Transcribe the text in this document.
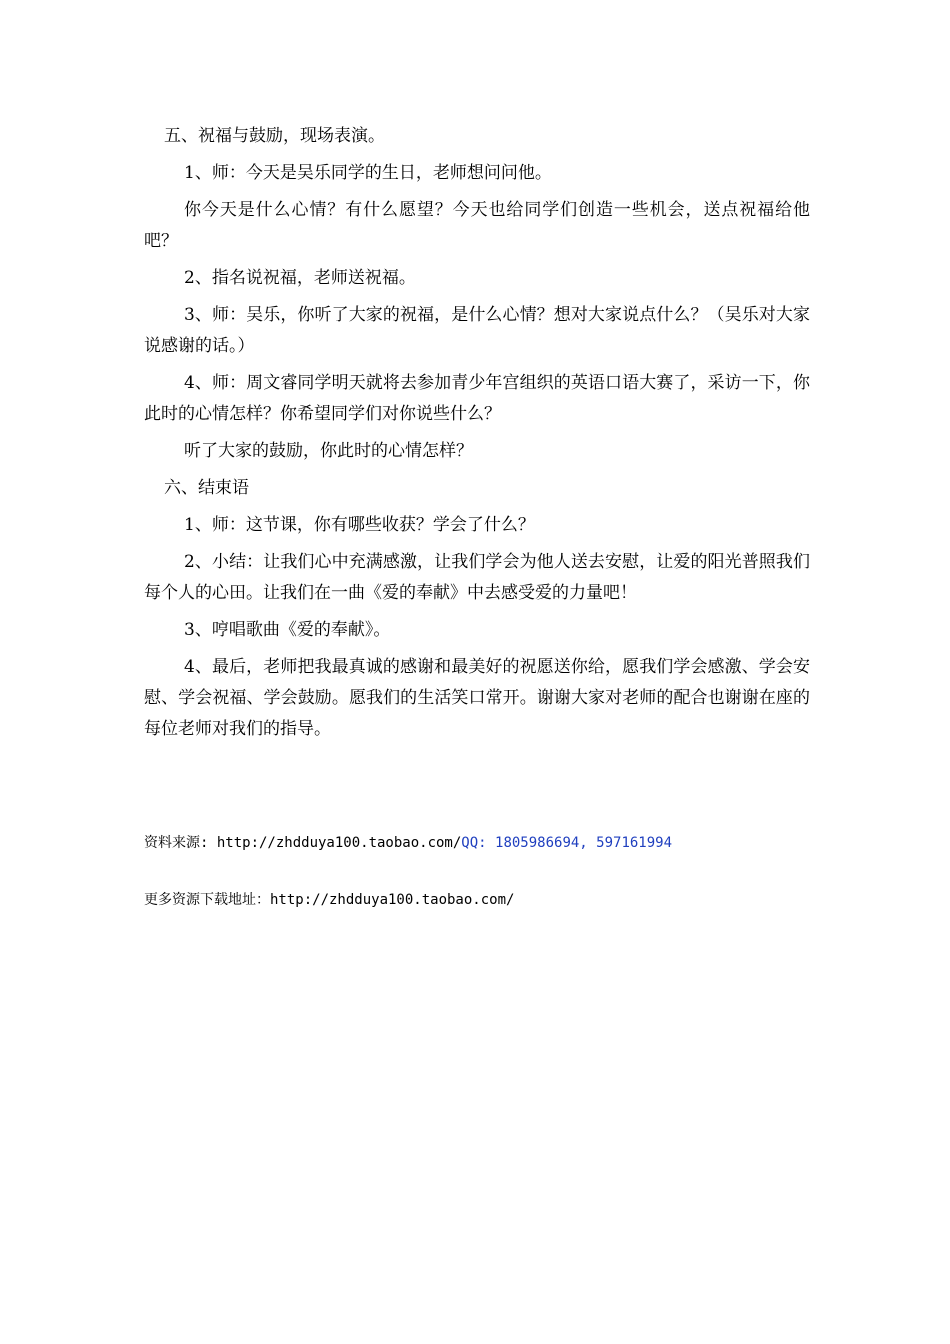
五、祝福与鼓励，现场表演。

1、师：今天是吴乐同学的生日，老师想问问他。

你今天是什么心情？有什么愿望？今天也给同学们创造一些机会，送点祝福给他吧？

2、指名说祝福，老师送祝福。

3、师：吴乐，你听了大家的祝福，是什么心情？想对大家说点什么？（吴乐对大家说感谢的话。）

4、师：周文睿同学明天就将去参加青少年宫组织的英语口语大赛了，采访一下，你此时的心情怎样？你希望同学们对你说些什么？

听了大家的鼓励，你此时的心情怎样？

六、结束语

1、师：这节课，你有哪些收获？学会了什么？

2、小结：让我们心中充满感激，让我们学会为他人送去安慰，让爱的阳光普照我们每个人的心田。让我们在一曲《爱的奉献》中去感受爱的力量吧！

3、哼唱歌曲《爱的奉献》。

4、最后，老师把我最真诚的感谢和最美好的祝愿送你给，愿我们学会感激、学会安慰、学会祝福、学会鼓励。愿我们的生活笑口常开。谢谢大家对老师的配合也谢谢在座的每位老师对我们的指导。

资料来源: http://zhdduya100.taobao.com/QQ: 1805986694, 597161994
更多资源下载地址：http://zhdduya100.taobao.com/
